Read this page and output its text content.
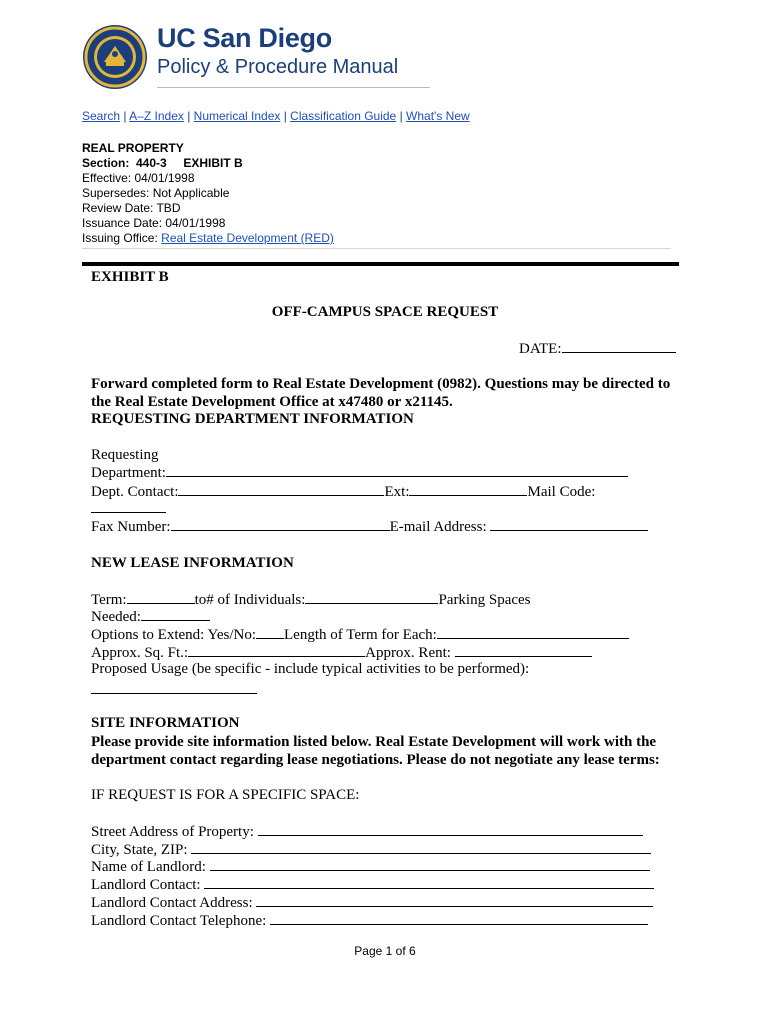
UC San Diego
Policy & Procedure Manual
Search | A–Z Index | Numerical Index | Classification Guide | What's New
REAL PROPERTY
Section:  440-3     EXHIBIT B
Effective: 04/01/1998
Supersedes: Not Applicable
Review Date: TBD
Issuance Date: 04/01/1998
Issuing Office: Real Estate Development (RED)
EXHIBIT B
OFF-CAMPUS SPACE REQUEST
DATE:
Forward completed form to Real Estate Development (0982). Questions may be directed to
the Real Estate Development Office at x47480 or x21145.
REQUESTING DEPARTMENT INFORMATION
Requesting
Department:
Dept. Contact:	Ext:	Mail Code:
Fax Number:	E-mail Address:
NEW LEASE INFORMATION
Term:	to# of Individuals:	Parking Spaces
Needed:
Options to Extend: Yes/No: Length of Term for Each:
Approx. Sq. Ft.:	Approx. Rent:
Proposed Usage (be specific - include typical activities to be performed):
SITE INFORMATION
Please provide site information listed below. Real Estate Development will work with the
department contact regarding lease negotiations. Please do not negotiate any lease terms:
IF REQUEST IS FOR A SPECIFIC SPACE:
Street Address of Property:
City, State, ZIP:
Name of Landlord:
Landlord Contact:
Landlord Contact Address:
Landlord Contact Telephone:
Page 1 of 6
